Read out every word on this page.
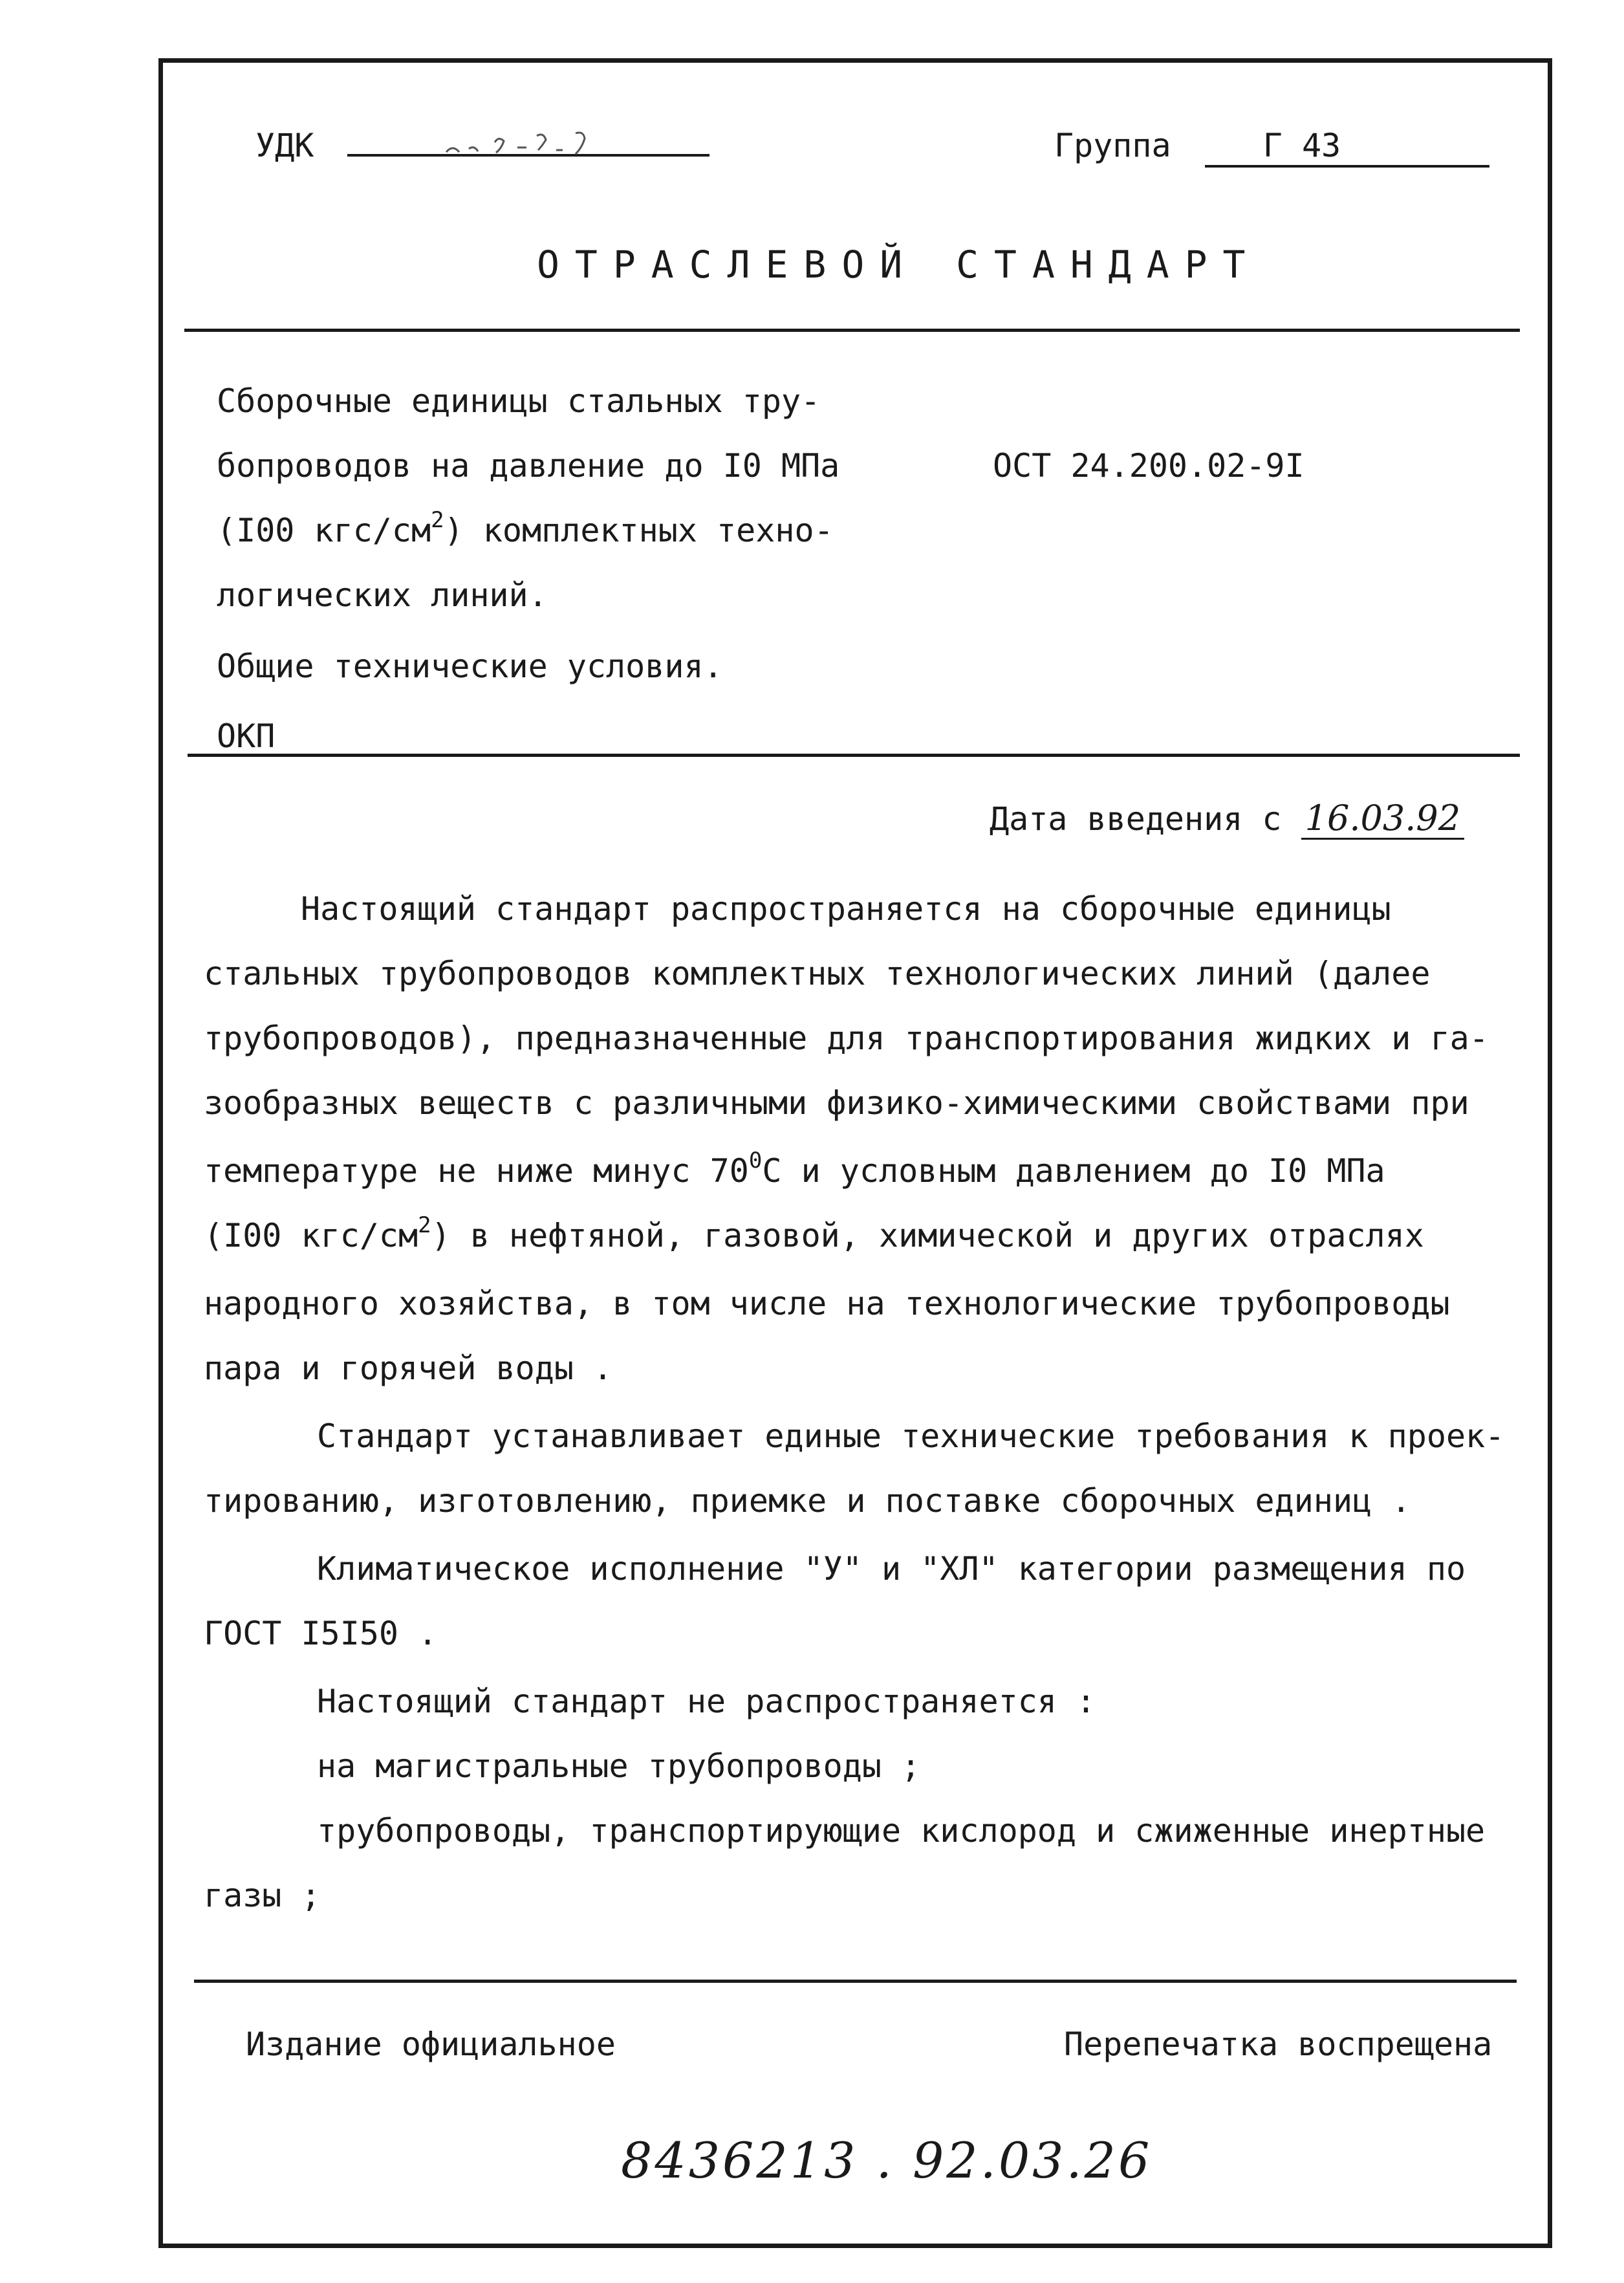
УДК	Группа	Г 43
ОТРАСЛЕВОЙ СТАНДАРТ
Сборочные единицы стальных тру-
бопроводов на давление до I0 МПа
(I00 кгс/$см^2$) комплектных техно-
логических линий.
Общие технические условия.
ОКП
ОСТ 24.200.02-9I
Дата введения с 16.03.92
Настоящий стандарт распространяется на сборочные единицы
стальных трубопроводов комплектных технологических линий (далее
трубопроводов), предназначенные для транспортирования жидких и га-
зообразных веществ с различными физико-химическими свойствами при
температуре не ниже минус $70^0С$ и условным давлением до I0 МПа
(I00 кгс/$см^2$) в нефтяной, газовой, химической и других отраслях
народного хозяйства, в том числе на технологические трубопроводы
пара и горячей воды .
Стандарт устанавливает единые технические требования к проек-
тированию, изготовлению, приемке и поставке сборочных единиц .
Климатическое исполнение "У" и "ХЛ" категории размещения по
ГОСТ I5I50 .
Настоящий стандарт не распространяется :
на магистральные трубопроводы ;
трубопроводы, транспортирующие кислород и сжиженные инертные
газы ;
Издание официальное	Перепечатка воспрещена
8436213 . 92.03.26
